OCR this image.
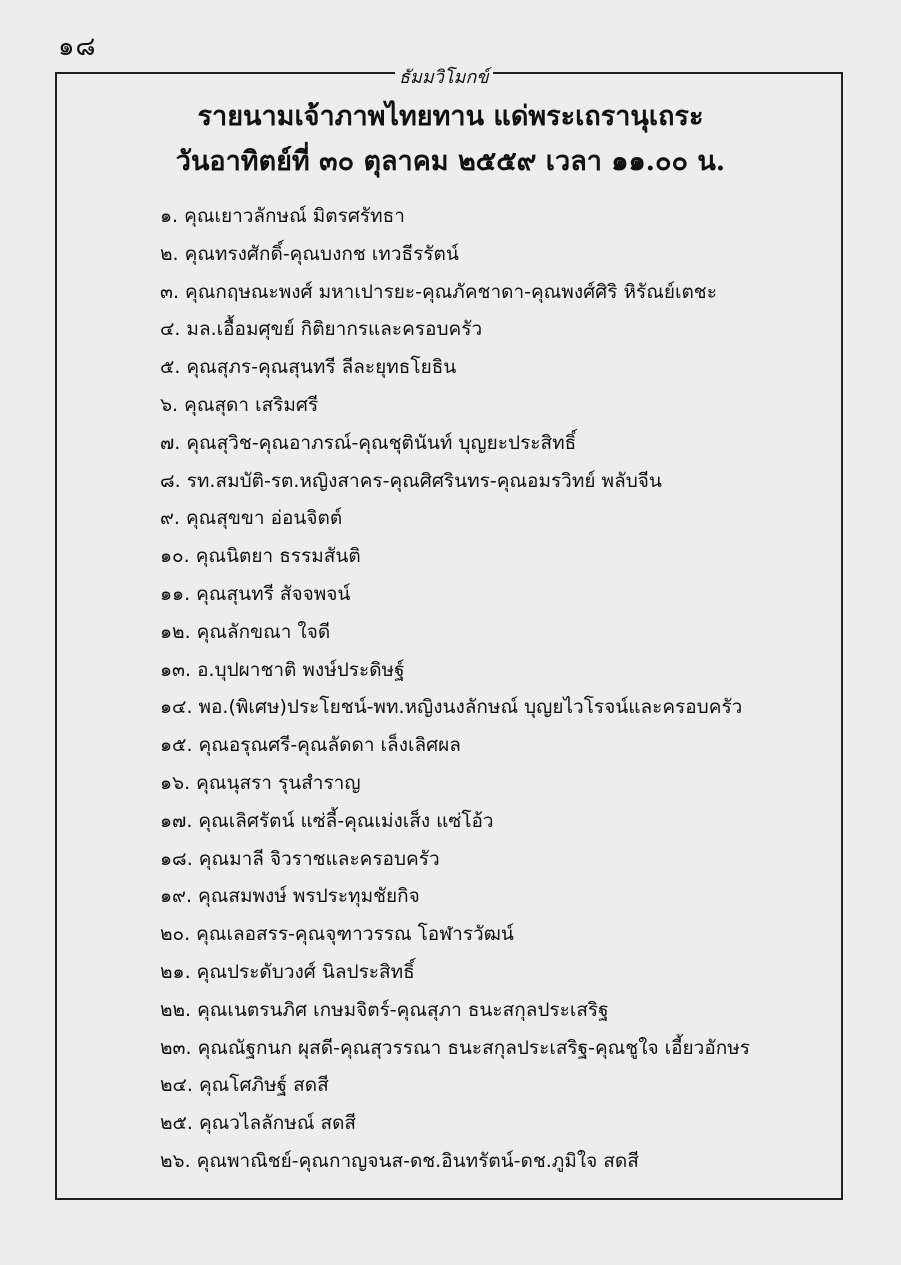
๑๘
ธัมมวิโมกข์
รายนามเจ้าภาพไทยทาน แด่พระเถรานุเถระ
วันอาทิตย์ที่ ๓๐ ตุลาคม ๒๕๕๙ เวลา ๑๑.๐๐ น.
๑. คุณเยาวลักษณ์ มิตรศรัทธา
๒. คุณทรงศักดิ์-คุณบงกช เทวธีรรัตน์
๓. คุณกฤษณะพงศ์ มหาเปารยะ-คุณภัคชาดา-คุณพงศ์ศิริ หิรัณย์เตชะ
๔. มล.เอื้อมศุขย์ กิติยากรและครอบครัว
๕. คุณสุภร-คุณสุนทรี ลีละยุทธโยธิน
๖. คุณสุดา เสริมศรี
๗. คุณสุวิช-คุณอาภรณ์-คุณชุตินันท์ บุญยะประสิทธิ์
๘. รท.สมบัติ-รต.หญิงสาคร-คุณศิศรินทร-คุณอมรวิทย์ พลับจีน
๙. คุณสุขขา อ่อนจิตต์
๑๐. คุณนิตยา ธรรมสันติ
๑๑. คุณสุนทรี สัจจพจน์
๑๒. คุณลักขณา ใจดี
๑๓. อ.บุปผาชาติ พงษ์ประดิษฐ์
๑๔. พอ.(พิเศษ)ประโยชน์-พท.หญิงนงลักษณ์ บุญยไวโรจน์และครอบครัว
๑๕. คุณอรุณศรี-คุณลัดดา เล็งเลิศผล
๑๖. คุณนุสรา รุนสำราญ
๑๗. คุณเลิศรัตน์ แซ่ลี้-คุณเม่งเส็ง แซ่โอ้ว
๑๘. คุณมาลี จิวราชและครอบครัว
๑๙. คุณสมพงษ์ พรประทุมชัยกิจ
๒๐. คุณเลอสรร-คุณจุฑาวรรณ โอฬารวัฒน์
๒๑. คุณประดับวงศ์ นิลประสิทธิ์
๒๒. คุณเนตรนภิศ เกษมจิตร์-คุณสุภา ธนะสกุลประเสริฐ
๒๓. คุณณัฐกนก ผุสดี-คุณสุวรรณา ธนะสกุลประเสริฐ-คุณชูใจ เอี้ยวอักษร
๒๔. คุณโศภิษฐ์ สดสี
๒๕. คุณวไลลักษณ์ สดสี
๒๖. คุณพาณิชย์-คุณกาญจนส-ดช.อินทรัตน์-ดช.ภูมิใจ สดสี
